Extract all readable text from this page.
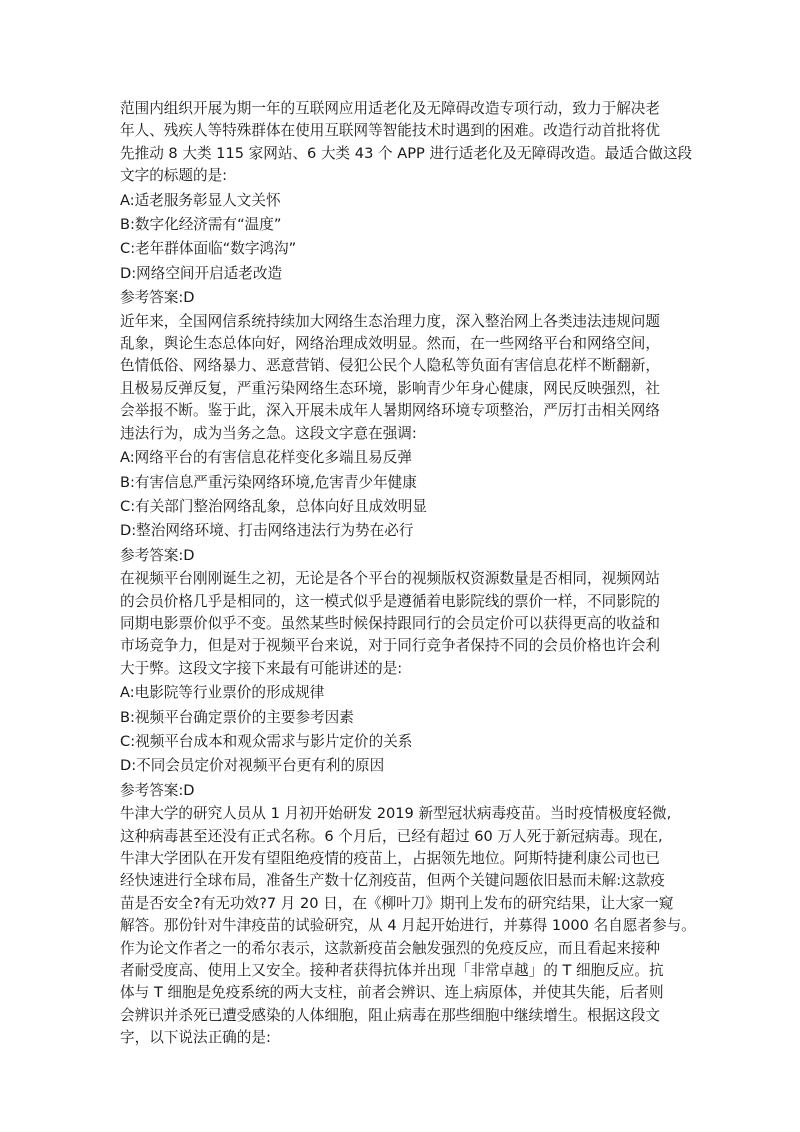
范围内组织开展为期一年的互联网应用适老化及无障碍改造专项行动，致力于解决老
年人、残疾人等特殊群体在使用互联网等智能技术时遇到的困难。改造行动首批将优
先推动 8 大类 115 家网站、6 大类 43 个 APP 进行适老化及无障碍改造。最适合做这段
文字的标题的是:
A:适老服务彰显人文关怀
B:数字化经济需有“温度”
C:老年群体面临“数字鸿沟”
D:网络空间开启适老改造
参考答案:D
近年来，全国网信系统持续加大网络生态治理力度，深入整治网上各类违法违规问题
乱象，舆论生态总体向好，网络治理成效明显。然而，在一些网络平台和网络空间，
色情低俗、网络暴力、恶意营销、侵犯公民个人隐私等负面有害信息花样不断翻新，
且极易反弹反复，严重污染网络生态环境，影响青少年身心健康，网民反映强烈，社
会举报不断。鉴于此，深入开展未成年人暑期网络环境专项整治，严厉打击相关网络
违法行为，成为当务之急。这段文字意在强调:
A:网络平台的有害信息花样变化多端且易反弹
B:有害信息严重污染网络环境,危害青少年健康
C:有关部门整治网络乱象，总体向好且成效明显
D:整治网络环境、打击网络违法行为势在必行
参考答案:D
在视频平台刚刚诞生之初，无论是各个平台的视频版权资源数量是否相同，视频网站
的会员价格几乎是相同的，这一模式似乎是遵循着电影院线的票价一样，不同影院的
同期电影票价似乎不变。虽然某些时候保持跟同行的会员定价可以获得更高的收益和
市场竞争力，但是对于视频平台来说，对于同行竞争者保持不同的会员价格也许会利
大于弊。这段文字接下来最有可能讲述的是:
A:电影院等行业票价的形成规律
B:视频平台确定票价的主要参考因素
C:视频平台成本和观众需求与影片定价的关系
D:不同会员定价对视频平台更有利的原因
参考答案:D
牛津大学的研究人员从 1 月初开始研发 2019 新型冠状病毒疫苗。当时疫情极度轻微,
这种病毒甚至还没有正式名称。6 个月后，已经有超过 60 万人死于新冠病毒。现在,
牛津大学团队在开发有望阻绝疫情的疫苗上，占据领先地位。阿斯特捷利康公司也已
经快速进行全球布局，准备生产数十亿剂疫苗，但两个关键问题依旧悬而未解:这款疫
苗是否安全?有无功效?7 月 20 日，在《柳叶刀》期刊上发布的研究结果，让大家一窥
解答。那份针对牛津疫苗的试验研究，从 4 月起开始进行，并募得 1000 名自愿者参与。
作为论文作者之一的希尔表示，这款新疫苗会触发强烈的免疫反应，而且看起来接种
者耐受度高、使用上又安全。接种者获得抗体并出现「非常卓越」的 T 细胞反应。抗
体与 T 细胞是免疫系统的两大支柱，前者会辨识、连上病原体，并使其失能，后者则
会辨识并杀死已遭受感染的人体细胞，阻止病毒在那些细胞中继续增生。根据这段文
字，以下说法正确的是:
